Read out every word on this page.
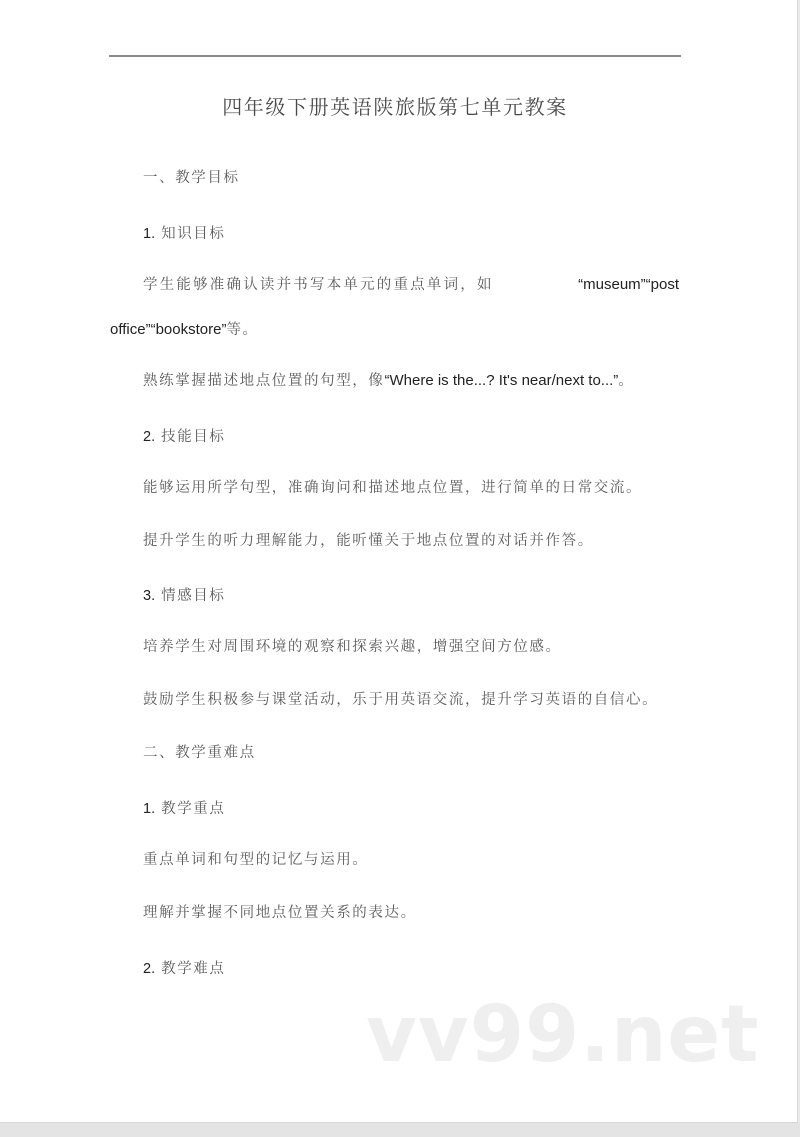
四年级下册英语陕旅版第七单元教案
一、教学目标
1. 知识目标
学生能够准确认读并书写本单元的重点单词，如	“museum”“post
office”“bookstore”等。
熟练掌握描述地点位置的句型，像“Where is the...? It's near/next to...”。
2. 技能目标
能够运用所学句型，准确询问和描述地点位置，进行简单的日常交流。
提升学生的听力理解能力，能听懂关于地点位置的对话并作答。
3. 情感目标
培养学生对周围环境的观察和探索兴趣，增强空间方位感。
鼓励学生积极参与课堂活动，乐于用英语交流，提升学习英语的自信心。
二、教学重难点
1. 教学重点
重点单词和句型的记忆与运用。
理解并掌握不同地点位置关系的表达。
2. 教学难点
vv99.net
